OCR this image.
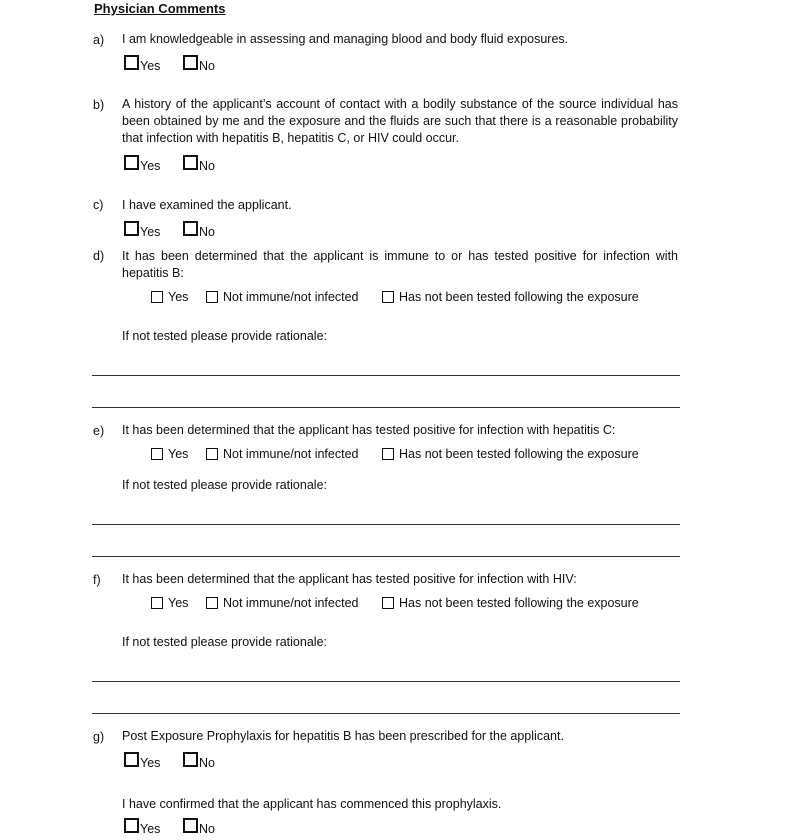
Physician Comments
a) I am knowledgeable in assessing and managing blood and body fluid exposures.
Yes	No
b) A history of the applicant’s account of contact with a bodily substance of the source individual has been obtained by me and the exposure and the fluids are such that there is a reasonable probability that infection with hepatitis B, hepatitis C, or HIV could occur.
Yes	No
c) I have examined the applicant.
Yes	No
d) It has been determined that the applicant is immune to or has tested positive for infection with hepatitis B:
Yes	Not immune/not infected	Has not been tested following the exposure
If not tested please provide rationale:
e) It has been determined that the applicant has tested positive for infection with hepatitis C:
Yes	Not immune/not infected	Has not been tested following the exposure
If not tested please provide rationale:
f) It has been determined that the applicant has tested positive for infection with HIV:
Yes	Not immune/not infected	Has not been tested following the exposure
If not tested please provide rationale:
g) Post Exposure Prophylaxis for hepatitis B has been prescribed for the applicant.
Yes	No
I have confirmed that the applicant has commenced this prophylaxis.
Yes	No
